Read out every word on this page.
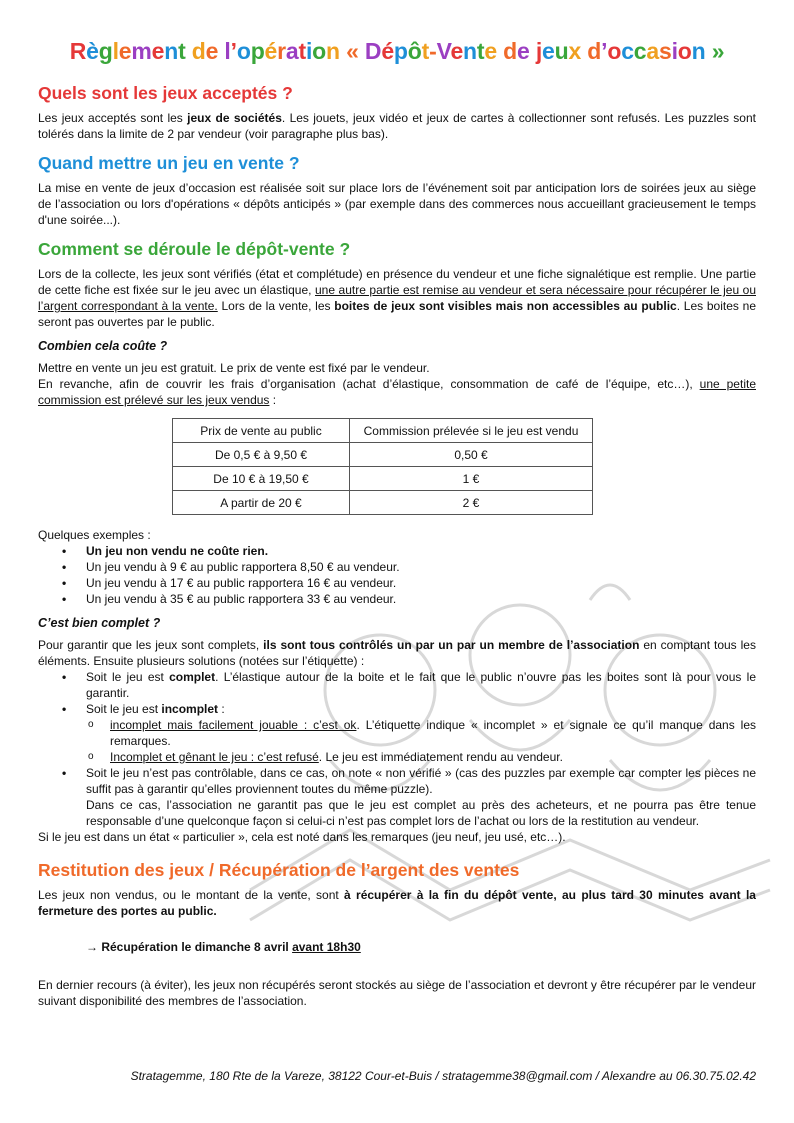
Règlement de l’opération « Dépôt-Vente de jeux d’occasion »
Quels sont les jeux acceptés ?

Les jeux acceptés sont les jeux de sociétés. Les jouets, jeux vidéo et jeux de cartes à collectionner sont refusés. Les puzzles sont tolérés dans la limite de 2 par vendeur (voir paragraphe plus bas).

Quand mettre un jeu en vente ?

La mise en vente de jeux d’occasion est réalisée soit sur place lors de l’événement soit par anticipation lors de soirées jeux au siège de l’association ou lors d'opérations « dépôts anticipés » (par exemple dans des commerces nous accueillant gracieusement le temps d'une soirée...).

Comment se déroule le dépôt-vente ?

Lors de la collecte, les jeux sont vérifiés (état et complétude) en présence du vendeur et une fiche signalétique est remplie. Une partie de cette fiche est fixée sur le jeu avec un élastique, une autre partie est remise au vendeur et sera nécessaire pour récupérer le jeu ou l’argent correspondant à la vente. Lors de la vente, les boites de jeux sont visibles mais non accessibles au public. Les boites ne seront pas ouvertes par le public.

Combien cela coûte ?

Mettre en vente un jeu est gratuit. Le prix de vente est fixé par le vendeur.

En revanche, afin de couvrir les frais d’organisation (achat d’élastique, consommation de café de l’équipe, etc…), une petite commission est prélevé sur les jeux vendus :

Prix de vente au public	Commission prélevée si le jeu est vendu
De 0,5 € à 9,50 €	0,50 €
De 10 € à 19,50 €	1 €
A partir de 20 €	2 €

Quelques exemples :

• Un jeu non vendu ne coûte rien.
• Un jeu vendu à 9 € au public rapportera 8,50 € au vendeur.
• Un jeu vendu à 17 € au public rapportera 16 € au vendeur.
• Un jeu vendu à 35 € au public rapportera 33 € au vendeur.
C’est bien complet ?

Pour garantir que les jeux sont complets, ils sont tous contrôlés un par un par un membre de l’association en comptant tous les éléments. Ensuite plusieurs solutions (notées sur l’étiquette) :

• Soit le jeu est complet. L’élastique autour de la boite et le fait que le public n’ouvre pas les boites sont là pour vous le garantir.
• Soit le jeu est incomplet :
o incomplet mais facilement jouable : c’est ok. L’étiquette indique « incomplet » et signale ce qu’il manque dans les remarques.
o Incomplet et gênant le jeu : c’est refusé. Le jeu est immédiatement rendu au vendeur.
• Soit le jeu n’est pas contrôlable, dans ce cas, on note « non vérifié » (cas des puzzles par exemple car compter les pièces ne suffit pas à garantir qu’elles proviennent toutes du même puzzle).
Dans ce cas, l’association ne garantit pas que le jeu est complet au près des acheteurs, et ne pourra pas être tenue responsable d’une quelconque façon si celui-ci n’est pas complet lors de l’achat ou lors de la restitution au vendeur.

Si le jeu est dans un état « particulier », cela est noté dans les remarques (jeu neuf, jeu usé, etc…).

Restitution des jeux / Récupération de l’argent des ventes

Les jeux non vendus, ou le montant de la vente, sont à récupérer à la fin du dépôt vente, au plus tard 30 minutes avant la fermeture des portes au public.

→ Récupération le dimanche 8 avril avant 18h30

En dernier recours (à éviter), les jeux non récupérés seront stockés au siège de l’association et devront y être récupérer par le vendeur suivant disponibilité des membres de l’association.

Stratagemme, 180 Rte de la Vareze, 38122 Cour-et-Buis / stratagemme38@gmail.com / Alexandre au 06.30.75.02.42
